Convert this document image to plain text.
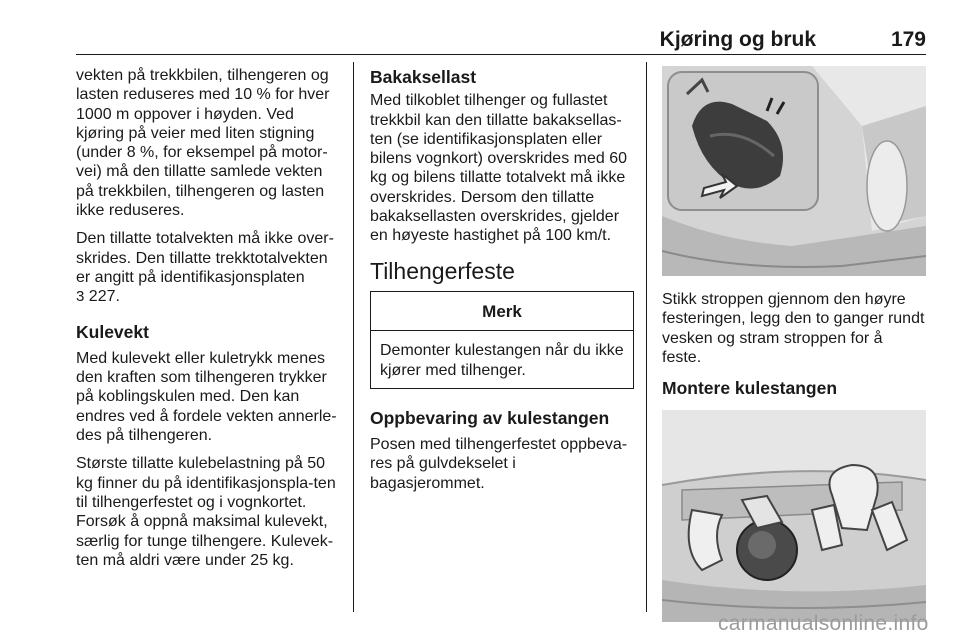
Kjøring og bruk	179
vekten på trekkbilen, tilhengeren og lasten reduseres med 10 % for hver 1000 m oppover i høyden. Ved kjøring på veier med liten stigning (under 8 %, for eksempel på motor-vei) må den tillatte samlede vekten på trekkbilen, tilhengeren og lasten ikke reduseres.
Den tillatte totalvekten må ikke over-skrides. Den tillatte trekktotalvekten er angitt på identifikasjonsplaten
3 227.
Kulevekt
Med kulevekt eller kuletrykk menes den kraften som tilhengeren trykker på koblingskulen med. Den kan endres ved å fordele vekten annerle-des på tilhengeren.
Største tillatte kulebelastning på 50 kg finner du på identifikasjonspla-ten til tilhengerfestet og i vognkortet. Forsøk å oppnå maksimal kulevekt, særlig for tunge tilhengere. Kulevek-ten må aldri være under 25 kg.
Bakaksellast
Med tilkoblet tilhenger og fullastet trekkbil kan den tillatte bakaksellas-ten (se identifikasjonsplaten eller bilens vognkort) overskrides med 60 kg og bilens tillatte totalvekt må ikke overskrides. Dersom den tillatte bakaksellasten overskrides, gjelder en høyeste hastighet på 100 km/t.
Tilhengerfeste
Merk
Demonter kulestangen når du ikke kjører med tilhenger.
Oppbevaring av kulestangen
Posen med tilhengerfestet oppbeva-res på gulvdekselet i bagasjerommet.
Stikk stroppen gjennom den høyre festeringen, legg den to ganger rundt vesken og stram stroppen for å feste.
Montere kulestangen
carmanualsonline.info
